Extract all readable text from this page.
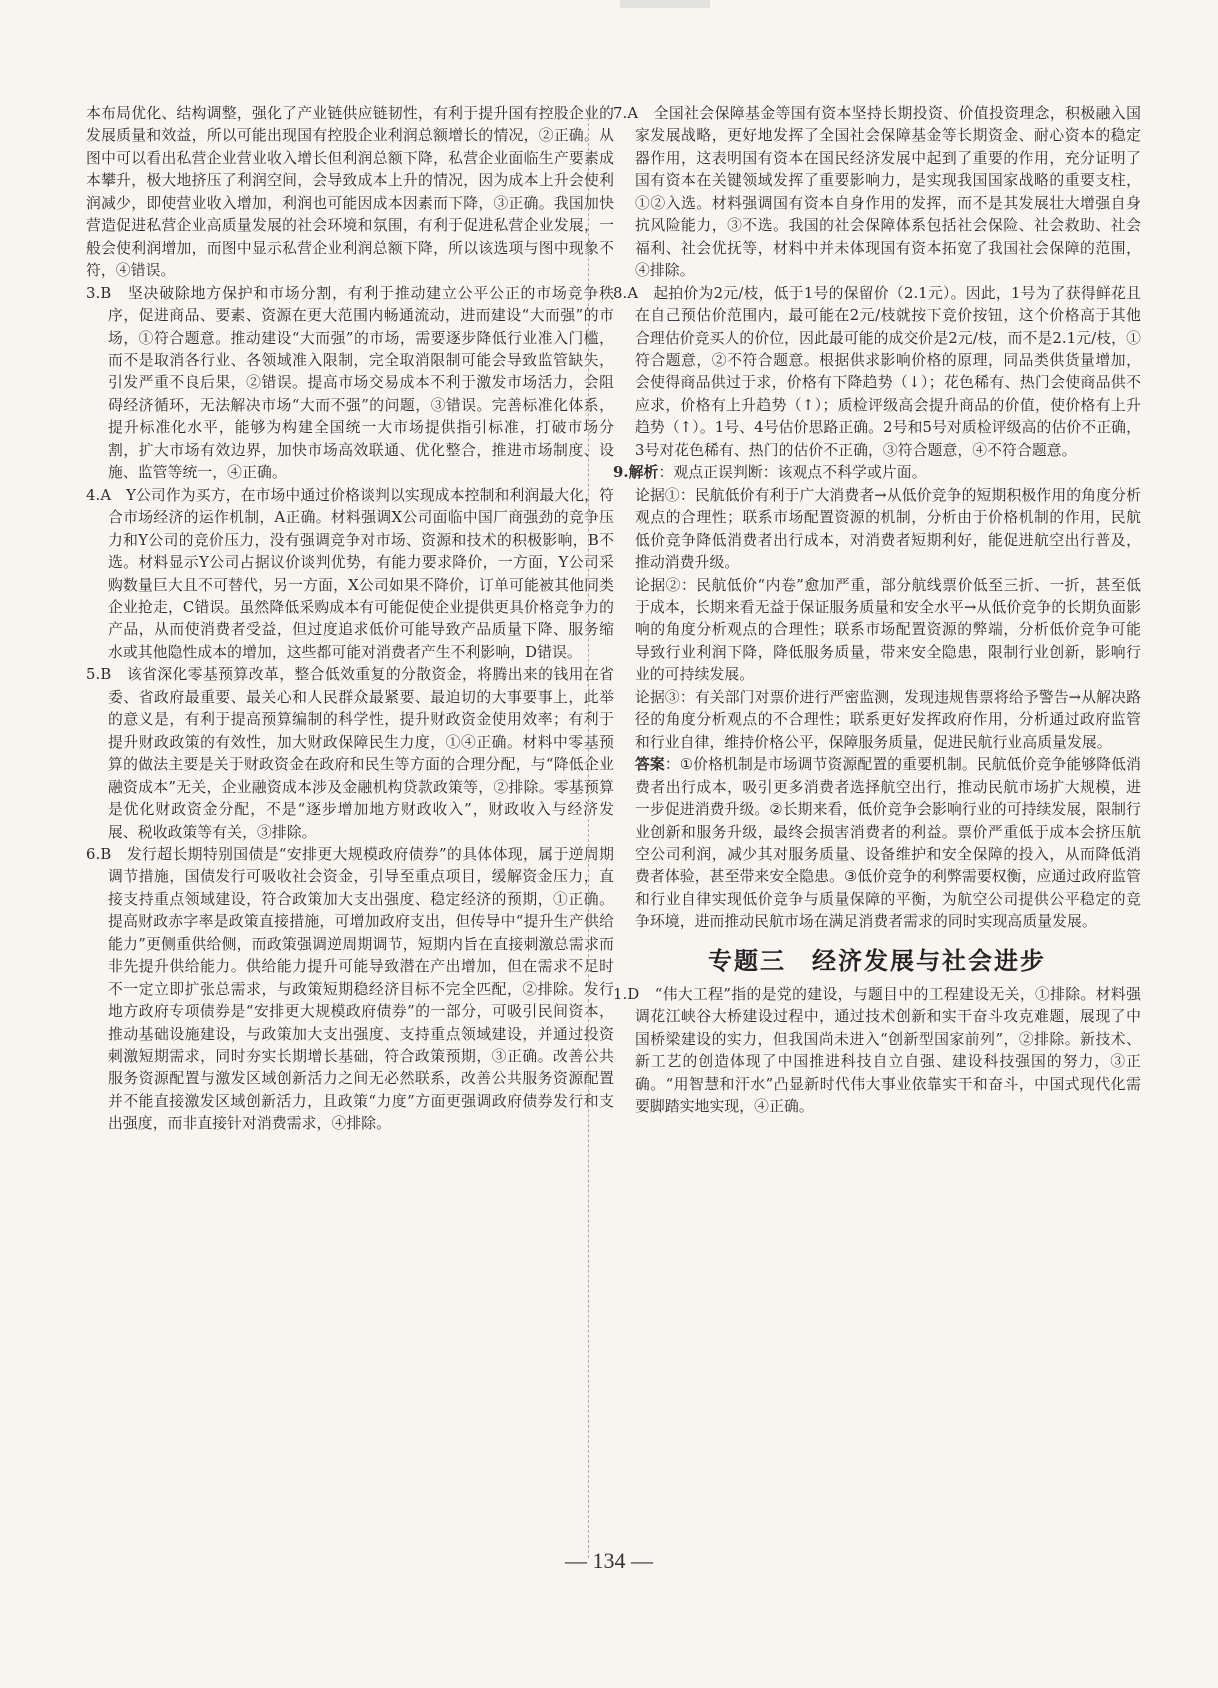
本布局优化、结构调整，强化了产业链供应链韧性，有利于提升国有控股企业的发展质量和效益，所以可能出现国有控股企业利润总额增长的情况，②正确。从图中可以看出私营企业营业收入增长但利润总额下降，私营企业面临生产要素成本攀升，极大地挤压了利润空间，会导致成本上升的情况，因为成本上升会使利润减少，即使营业收入增加，利润也可能因成本因素而下降，③正确。我国加快营造促进私营企业高质量发展的社会环境和氛围，有利于促进私营企业发展，一般会使利润增加，而图中显示私营企业利润总额下降，所以该选项与图中现象不符，④错误。

3.B　坚决破除地方保护和市场分割，有利于推动建立公平公正的市场竞争秩序，促进商品、要素、资源在更大范围内畅通流动，进而建设“大而强”的市场，①符合题意。推动建设“大而强”的市场，需要逐步降低行业准入门槛，而不是取消各行业、各领域准入限制，完全取消限制可能会导致监管缺失，引发严重不良后果，②错误。提高市场交易成本不利于激发市场活力，会阻碍经济循环，无法解决市场“大而不强”的问题，③错误。完善标准化体系，提升标准化水平，能够为构建全国统一大市场提供指引标准，打破市场分割，扩大市场有效边界，加快市场高效联通、优化整合，推进市场制度、设施、监管等统一，④正确。

4.A　Y公司作为买方，在市场中通过价格谈判以实现成本控制和利润最大化，符合市场经济的运作机制，A正确。材料强调X公司面临中国厂商强劲的竞争压力和Y公司的竞价压力，没有强调竞争对市场、资源和技术的积极影响，B不选。材料显示Y公司占据议价谈判优势，有能力要求降价，一方面，Y公司采购数量巨大且不可替代，另一方面，X公司如果不降价，订单可能被其他同类企业抢走，C错误。虽然降低采购成本有可能促使企业提供更具价格竞争力的产品，从而使消费者受益，但过度追求低价可能导致产品质量下降、服务缩水或其他隐性成本的增加，这些都可能对消费者产生不利影响，D错误。

5.B　该省深化零基预算改革，整合低效重复的分散资金，将腾出来的钱用在省委、省政府最重要、最关心和人民群众最紧要、最迫切的大事要事上，此举的意义是，有利于提高预算编制的科学性，提升财政资金使用效率；有利于提升财政政策的有效性，加大财政保障民生力度，①④正确。材料中零基预算的做法主要是关于财政资金在政府和民生等方面的合理分配，与“降低企业融资成本”无关，企业融资成本涉及金融机构贷款政策等，②排除。零基预算是优化财政资金分配，不是“逐步增加地方财政收入”，财政收入与经济发展、税收政策等有关，③排除。

6.B　发行超长期特别国债是“安排更大规模政府债券”的具体体现，属于逆周期调节措施，国债发行可吸收社会资金，引导至重点项目，缓解资金压力，直接支持重点领域建设，符合政策加大支出强度、稳定经济的预期，①正确。提高财政赤字率是政策直接措施，可增加政府支出，但传导中“提升生产供给能力”更侧重供给侧，而政策强调逆周期调节，短期内旨在直接刺激总需求而非先提升供给能力。供给能力提升可能导致潜在产出增加，但在需求不足时不一定立即扩张总需求，与政策短期稳经济目标不完全匹配，②排除。发行地方政府专项债券是“安排更大规模政府债券”的一部分，可吸引民间资本，推动基础设施建设，与政策加大支出强度、支持重点领域建设，并通过投资刺激短期需求，同时夯实长期增长基础，符合政策预期，③正确。改善公共服务资源配置与激发区域创新活力之间无必然联系，改善公共服务资源配置并不能直接激发区域创新活力，且政策“力度”方面更强调政府债券发行和支出强度，而非直接针对消费需求，④排除。

7.A　全国社会保障基金等国有资本坚持长期投资、价值投资理念，积极融入国家发展战略，更好地发挥了全国社会保障基金等长期资金、耐心资本的稳定器作用，这表明国有资本在国民经济发展中起到了重要的作用，充分证明了国有资本在关键领域发挥了重要影响力，是实现我国国家战略的重要支柱，①②入选。材料强调国有资本自身作用的发挥，而不是其发展壮大增强自身抗风险能力，③不选。我国的社会保障体系包括社会保险、社会救助、社会福利、社会优抚等，材料中并未体现国有资本拓宽了我国社会保障的范围，④排除。

8.A　起拍价为2元/枝，低于1号的保留价（2.1元）。因此，1号为了获得鲜花且在自己预估价范围内，最可能在2元/枝就按下竞价按钮，这个价格高于其他合理估价竞买人的价位，因此最可能的成交价是2元/枝，而不是2.1元/枝，①符合题意，②不符合题意。根据供求影响价格的原理，同品类供货量增加，会使得商品供过于求，价格有下降趋势（↓）；花色稀有、热门会使商品供不应求，价格有上升趋势（↑）；质检评级高会提升商品的价值，使价格有上升趋势（↑）。1号、4号估价思路正确。2号和5号对质检评级高的估价不正确，3号对花色稀有、热门的估价不正确，③符合题意，④不符合题意。

9.解析：观点正误判断：该观点不科学或片面。

论据①：民航低价有利于广大消费者→从低价竞争的短期积极作用的角度分析观点的合理性；联系市场配置资源的机制，分析由于价格机制的作用，民航低价竞争降低消费者出行成本，对消费者短期利好，能促进航空出行普及，推动消费升级。

论据②：民航低价“内卷”愈加严重，部分航线票价低至三折、一折，甚至低于成本，长期来看无益于保证服务质量和安全水平→从低价竞争的长期负面影响的角度分析观点的合理性；联系市场配置资源的弊端，分析低价竞争可能导致行业利润下降，降低服务质量，带来安全隐患，限制行业创新，影响行业的可持续发展。

论据③：有关部门对票价进行严密监测，发现违规售票将给予警告→从解决路径的角度分析观点的不合理性；联系更好发挥政府作用，分析通过政府监管和行业自律，维持价格公平，保障服务质量，促进民航行业高质量发展。

答案：①价格机制是市场调节资源配置的重要机制。民航低价竞争能够降低消费者出行成本，吸引更多消费者选择航空出行，推动民航市场扩大规模，进一步促进消费升级。②长期来看，低价竞争会影响行业的可持续发展，限制行业创新和服务升级，最终会损害消费者的利益。票价严重低于成本会挤压航空公司利润，减少其对服务质量、设备维护和安全保障的投入，从而降低消费者体验，甚至带来安全隐患。③低价竞争的利弊需要权衡，应通过政府监管和行业自律实现低价竞争与质量保障的平衡，为航空公司提供公平稳定的竞争环境，进而推动民航市场在满足消费者需求的同时实现高质量发展。

专题三　经济发展与社会进步

1.D　“伟大工程”指的是党的建设，与题目中的工程建设无关，①排除。材料强调花江峡谷大桥建设过程中，通过技术创新和实干奋斗攻克难题，展现了中国桥梁建设的实力，但我国尚未进入“创新型国家前列”，②排除。新技术、新工艺的创造体现了中国推进科技自立自强、建设科技强国的努力，③正确。“用智慧和汗水”凸显新时代伟大事业依靠实干和奋斗，中国式现代化需要脚踏实地实现，④正确。

— 134 —
